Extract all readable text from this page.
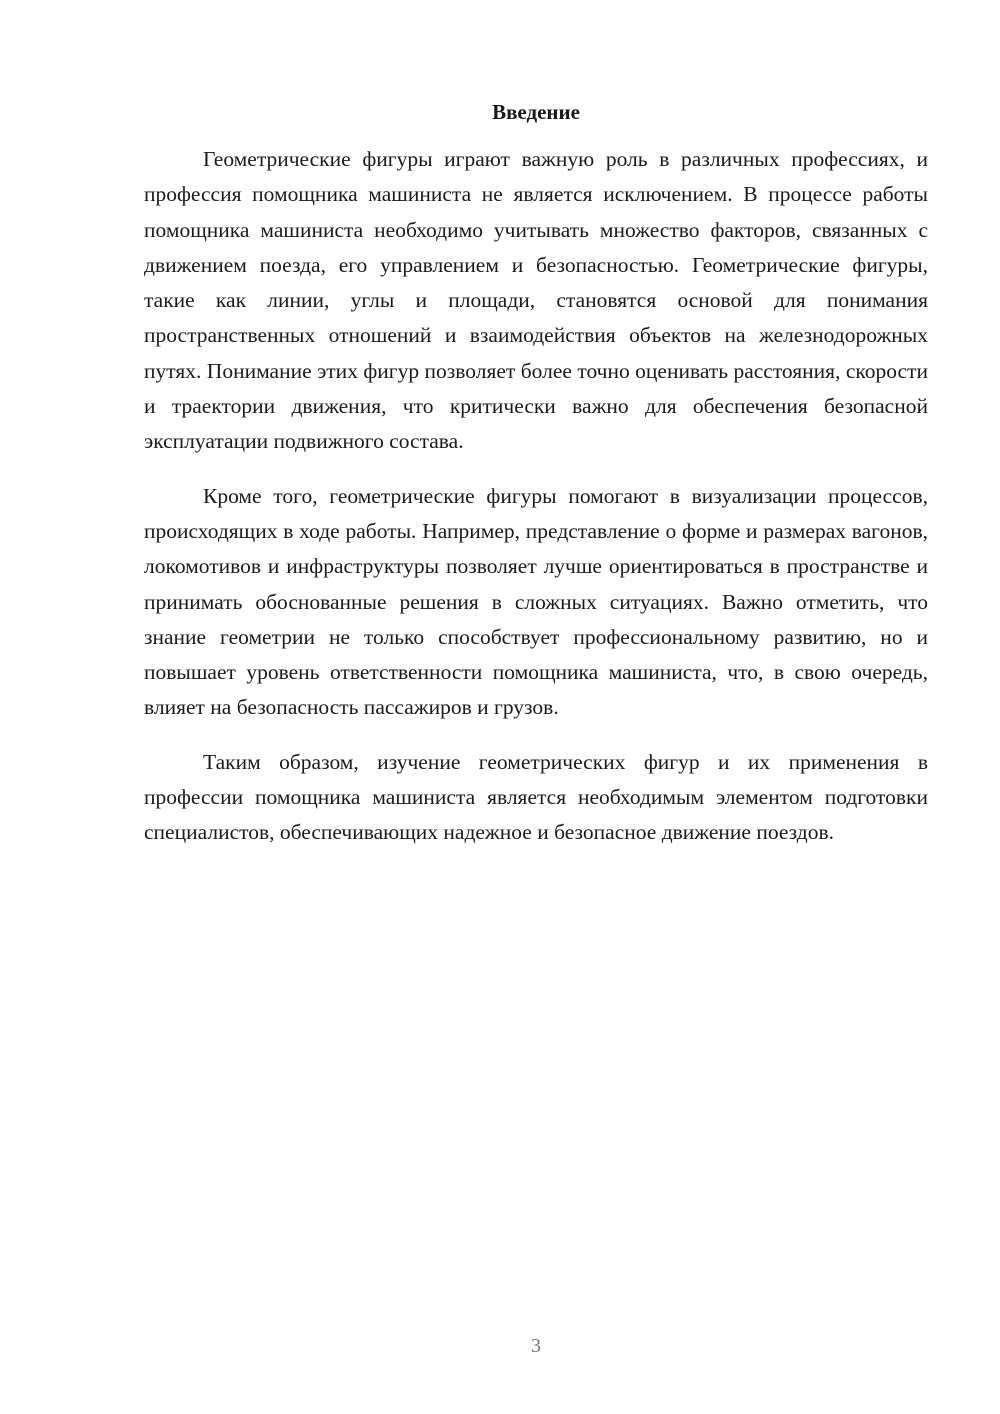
Введение

Геометрические фигуры играют важную роль в различных профессиях, и профессия помощника машиниста не является исключением. В процессе работы помощника машиниста необходимо учитывать множество факторов, связанных с движением поезда, его управлением и безопасностью. Геометрические фигуры, такие как линии, углы и площади, становятся основой для понимания пространственных отношений и взаимодействия объектов на железнодорожных путях. Понимание этих фигур позволяет более точно оценивать расстояния, скорости и траектории движения, что критически важно для обеспечения безопасной эксплуатации подвижного состава.

Кроме того, геометрические фигуры помогают в визуализации процессов, происходящих в ходе работы. Например, представление о форме и размерах вагонов, локомотивов и инфраструктуры позволяет лучше ориентироваться в пространстве и принимать обоснованные решения в сложных ситуациях. Важно отметить, что знание геометрии не только способствует профессиональному развитию, но и повышает уровень ответственности помощника машиниста, что, в свою очередь, влияет на безопасность пассажиров и грузов.

Таким образом, изучение геометрических фигур и их применения в профессии помощника машиниста является необходимым элементом подготовки специалистов, обеспечивающих надежное и безопасное движение поездов.

3
